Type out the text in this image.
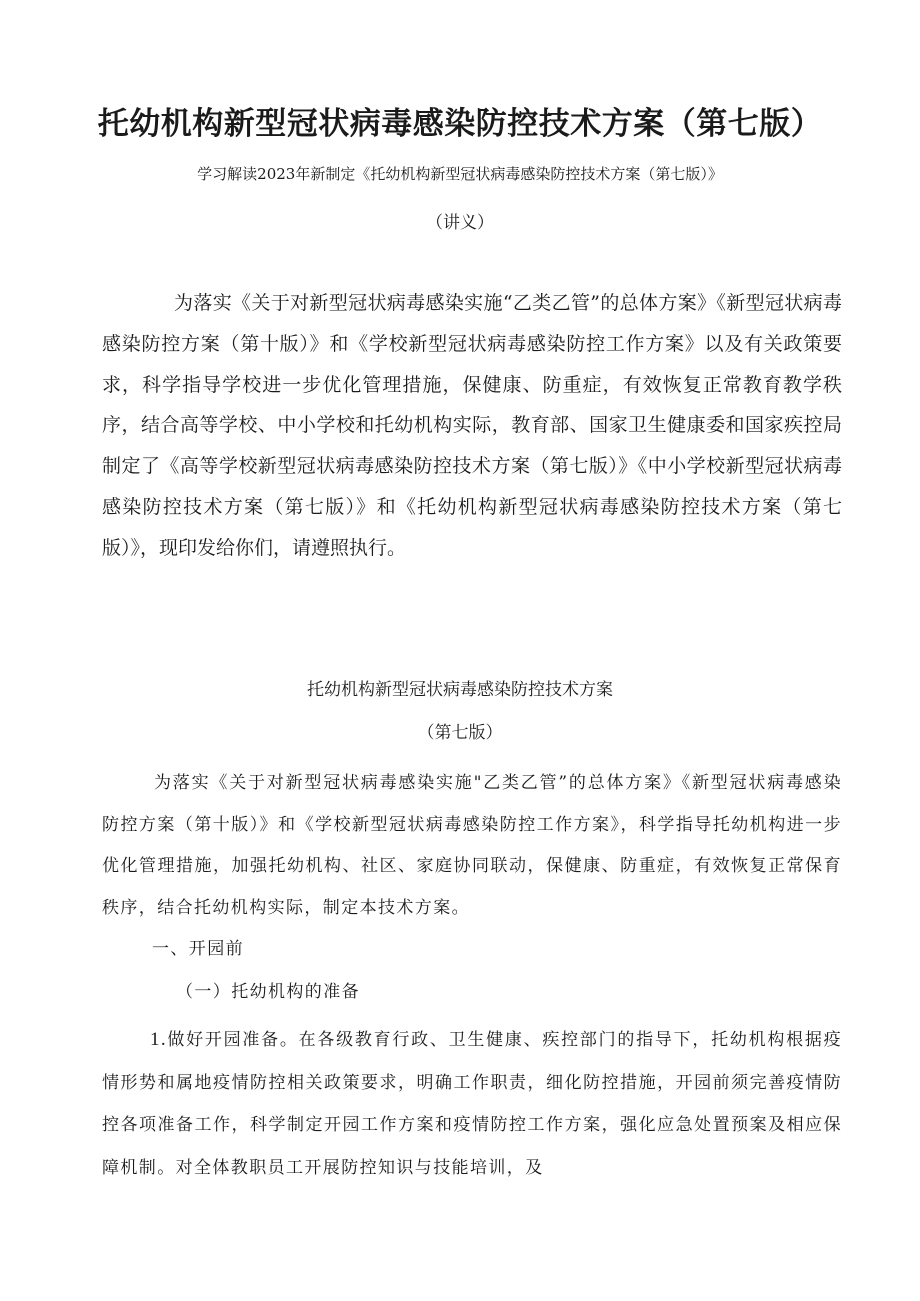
托幼机构新型冠状病毒感染防控技术方案（第七版）
学习解读2023年新制定《托幼机构新型冠状病毒感染防控技术方案（第七版）》
（讲义）

为落实《关于对新型冠状病毒感染实施“乙类乙管”的总体方案》《新型冠状病毒感染防控方案（第十版）》和《学校新型冠状病毒感染防控工作方案》以及有关政策要求，科学指导学校进一步优化管理措施，保健康、防重症，有效恢复正常教育教学秩序，结合高等学校、中小学校和托幼机构实际，教育部、国家卫生健康委和国家疾控局制定了《高等学校新型冠状病毒感染防控技术方案（第七版）》《中小学校新型冠状病毒感染防控技术方案（第七版）》和《托幼机构新型冠状病毒感染防控技术方案（第七版）》，现印发给你们，请遵照执行。

托幼机构新型冠状病毒感染防控技术方案
（第七版）

为落实《关于对新型冠状病毒感染实施"乙类乙管”的总体方案》《新型冠状病毒感染防控方案（第十版）》和《学校新型冠状病毒感染防控工作方案》，科学指导托幼机构进一步优化管理措施，加强托幼机构、社区、家庭协同联动，保健康、防重症，有效恢复正常保育秩序，结合托幼机构实际，制定本技术方案。

一、开园前
（一）托幼机构的准备

1.做好开园准备。在各级教育行政、卫生健康、疾控部门的指导下，托幼机构根据疫情形势和属地疫情防控相关政策要求，明确工作职责，细化防控措施，开园前须完善疫情防控各项准备工作，科学制定开园工作方案和疫情防控工作方案，强化应急处置预案及相应保障机制。对全体教职员工开展防控知识与技能培训，及
